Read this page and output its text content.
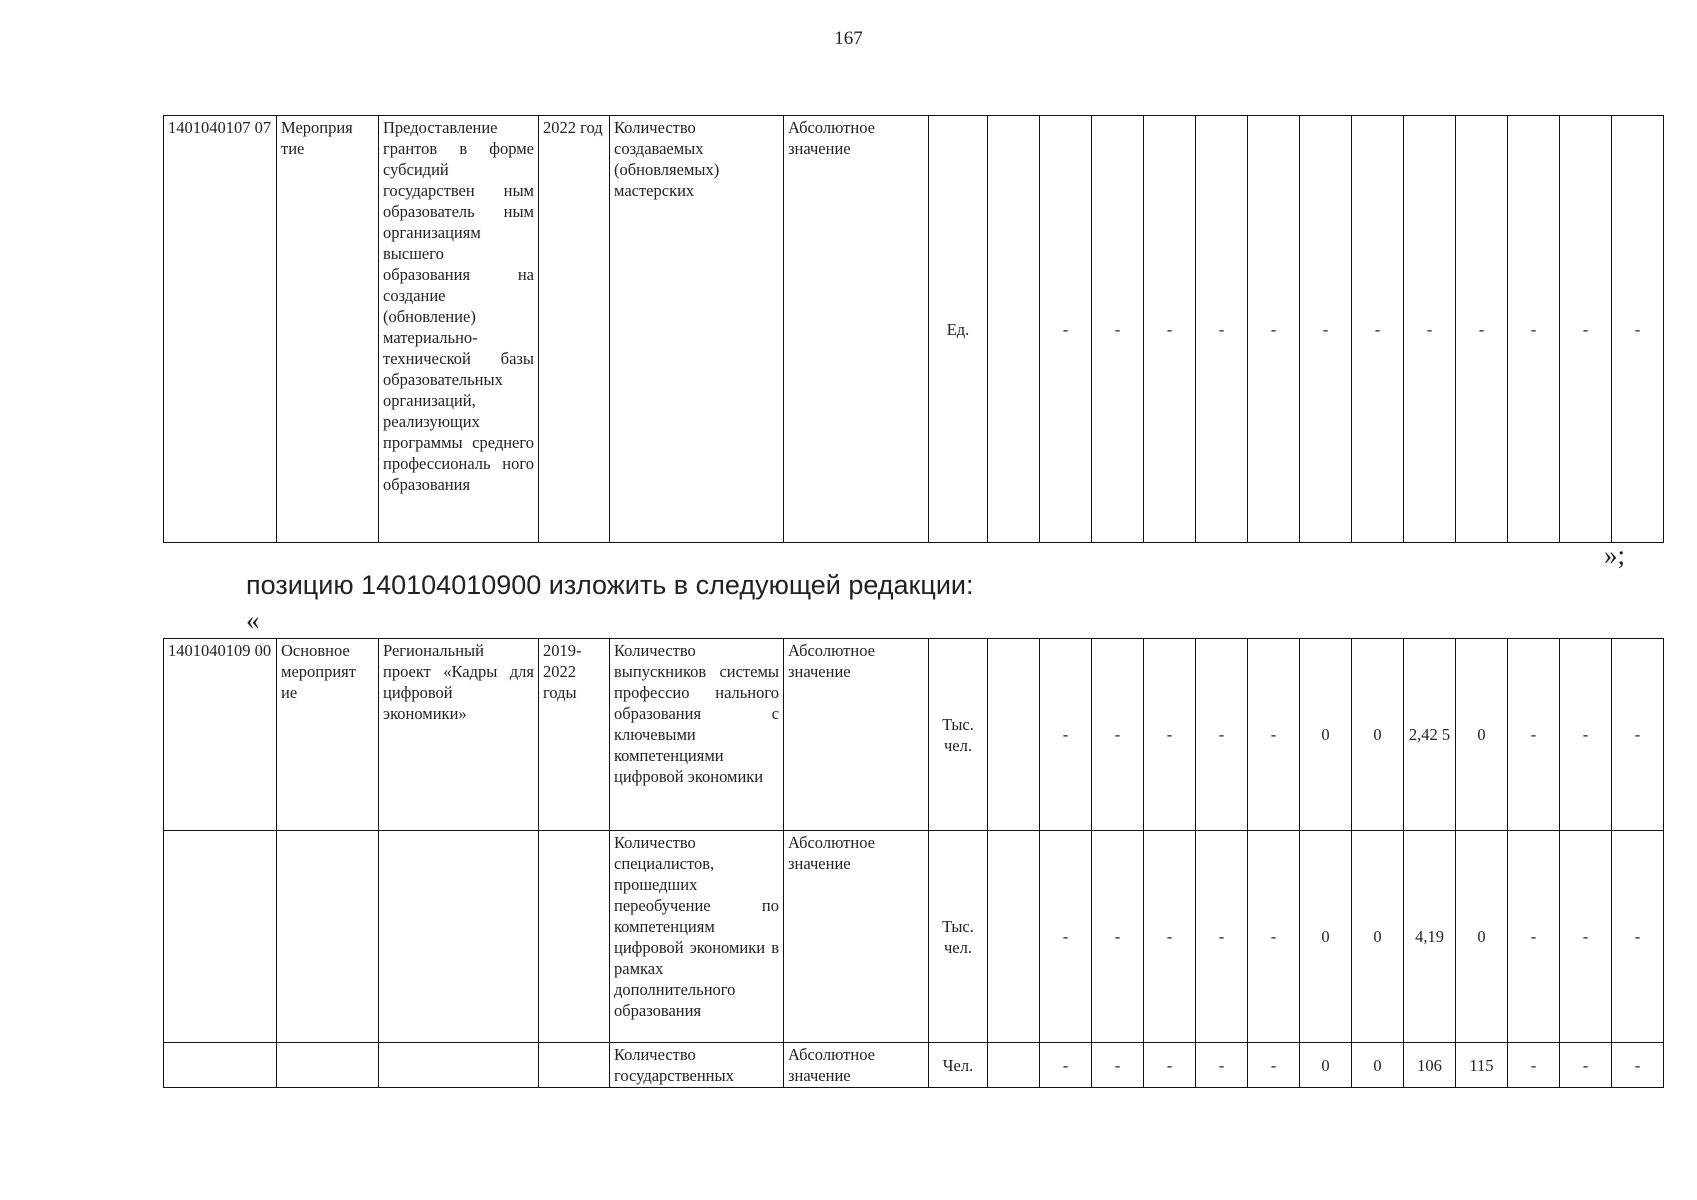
167
1401040107 07	Мероприя тие	Предоставление грантов в форме субсидий государствен ным образователь ным организациям высшего образования на создание (обновление) материально- технической базы образовательных организаций, реализующих программы среднего профессиональ ного образования	2022 год	Количество создаваемых (обновляемых) мастерских	Абсолютное значение	Ед.		-	-	-	-	-	-	-	-	-	-	-	-
»;
позицию 140104010900 изложить в следующей редакции:
«
1401040109 00	Основное мероприят ие	Региональный проект «Кадры для цифровой экономики»	2019-2022 годы	Количество выпускников системы профессио нального образования с ключевыми компетенциями цифровой экономики	Абсолютное значение	Тыс. чел.		-	-	-	-	-	0	0	2,42 5	0	-	-	-
				Количество специалистов, прошедших переобучение по компетенциям цифровой экономики в рамках дополнительного образования	Абсолютное значение	Тыс. чел.		-	-	-	-	-	0	0	4,19	0	-	-	-
				Количество государственных	Абсолютное значение	Чел.		-	-	-	-	-	0	0	106	115	-	-	-
